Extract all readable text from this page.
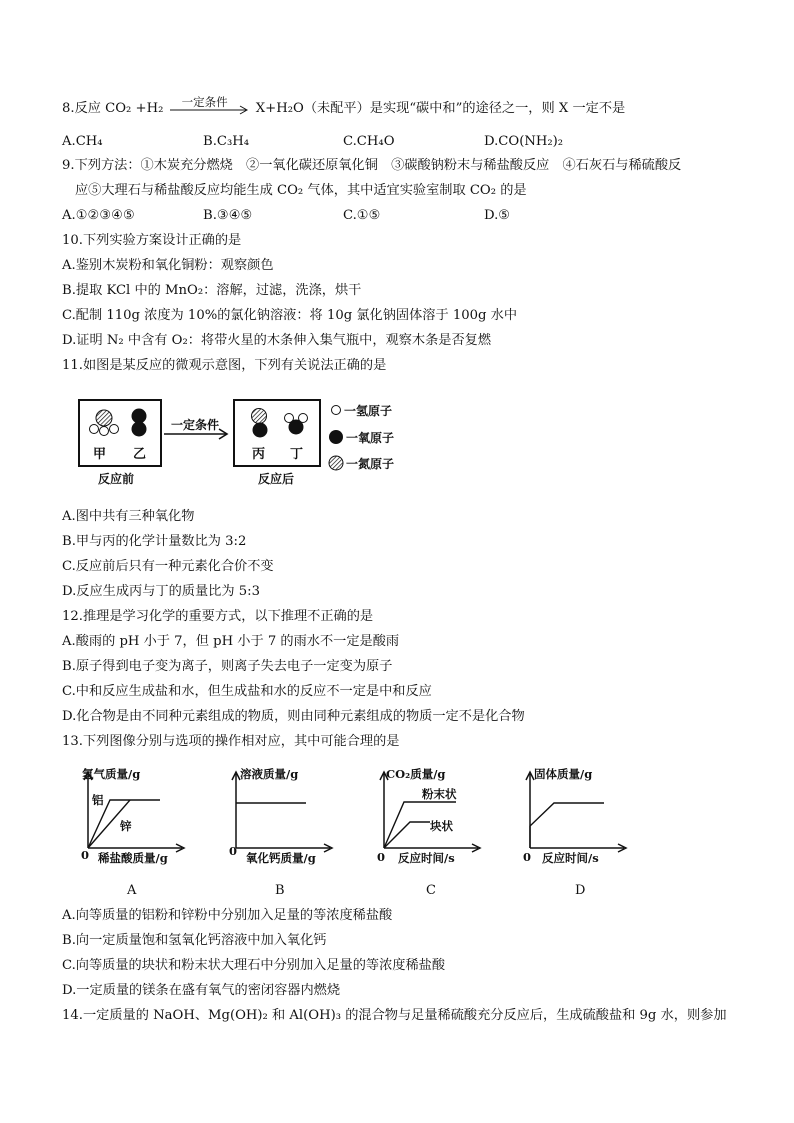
8.反应 CO₂ +H₂ 一定条件 X+H₂O（未配平）是实现“碳中和”的途径之一，则 X 一定不是
A.CH₄	B.C₃H₄	C.CH₄O	D.CO(NH₂)₂
9.下列方法：①木炭充分燃烧　②一氧化碳还原氧化铜　③碳酸钠粉末与稀盐酸反应　④石灰石与稀硫酸反
应⑤大理石与稀盐酸反应均能生成 CO₂ 气体，其中适宜实验室制取 CO₂ 的是
A.①②③④⑤	B.③④⑤	C.①⑤	D.⑤
10.下列实验方案设计正确的是
A.鉴别木炭粉和氧化铜粉：观察颜色
B.提取 KCl 中的 MnO₂：溶解，过滤，洗涤，烘干
C.配制 110g 浓度为 10%的氯化钠溶液：将 10g 氯化钠固体溶于 100g 水中
D.证明 N₂ 中含有 O₂：将带火星的木条伸入集气瓶中，观察木条是否复燃
11.如图是某反应的微观示意图，下列有关说法正确的是
甲 乙
反应前
一定条件
丙 丁
反应后
一氢原子
一氧原子
一氮原子
A.图中共有三种氧化物
B.甲与丙的化学计量数比为 3:2
C.反应前后只有一种元素化合价不变
D.反应生成丙与丁的质量比为 5:3
12.推理是学习化学的重要方式，以下推理不正确的是
A.酸雨的 pH 小于 7，但 pH 小于 7 的雨水不一定是酸雨
B.原子得到电子变为离子，则离子失去电子一定变为原子
C.中和反应生成盐和水，但生成盐和水的反应不一定是中和反应
D.化合物是由不同种元素组成的物质，则由同种元素组成的物质一定不是化合物
13.下列图像分别与选项的操作相对应，其中可能合理的是
氢气质量/g
铝
锌
0 稀盐酸质量/g
溶液质量/g
0 氧化钙质量/g
CO₂质量/g
粉末状
块状
0 反应时间/s
固体质量/g
0 反应时间/s
A	B	C	D
A.向等质量的铝粉和锌粉中分别加入足量的等浓度稀盐酸
B.向一定质量饱和氢氧化钙溶液中加入氧化钙
C.向等质量的块状和粉末状大理石中分别加入足量的等浓度稀盐酸
D.一定质量的镁条在盛有氧气的密闭容器内燃烧
14.一定质量的 NaOH、Mg(OH)₂ 和 Al(OH)₃ 的混合物与足量稀硫酸充分反应后，生成硫酸盐和 9g 水，则参加
